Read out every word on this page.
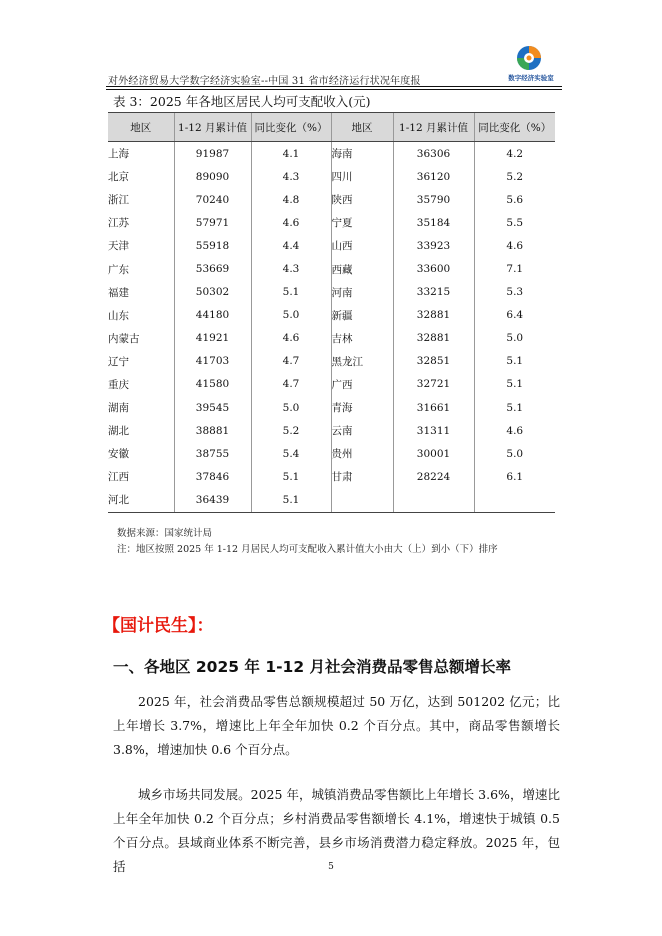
对外经济贸易大学数字经济实验室--中国 31 省市经济运行状况年度报	数字经济实验室
表 3：2025 年各地区居民人均可支配收入(元)
地区	1-12 月累计值	同比变化（%）	地区	1-12 月累计值	同比变化（%）
上海	91987	4.1	海南	36306	4.2
北京	89090	4.3	四川	36120	5.2
浙江	70240	4.8	陕西	35790	5.6
江苏	57971	4.6	宁夏	35184	5.5
天津	55918	4.4	山西	33923	4.6
广东	53669	4.3	西藏	33600	7.1
福建	50302	5.1	河南	33215	5.3
山东	44180	5.0	新疆	32881	6.4
内蒙古	41921	4.6	吉林	32881	5.0
辽宁	41703	4.7	黑龙江	32851	5.1
重庆	41580	4.7	广西	32721	5.1
湖南	39545	5.0	青海	31661	5.1
湖北	38881	5.2	云南	31311	4.6
安徽	38755	5.4	贵州	30001	5.0
江西	37846	5.1	甘肃	28224	6.1
河北	36439	5.1			
数据来源：国家统计局
注：地区按照 2025 年 1-12 月居民人均可支配收入累计值大小由大（上）到小（下）排序
【国计民生】：
一、各地区 2025 年 1-12 月社会消费品零售总额增长率
2025 年，社会消费品零售总额规模超过 50 万亿，达到 501202 亿元；比上年增长 3.7%，增速比上年全年加快 0.2 个百分点。其中，商品零售额增长 3.8%，增速加快 0.6 个百分点。
城乡市场共同发展。2025 年，城镇消费品零售额比上年增长 3.6%，增速比上年全年加快 0.2 个百分点；乡村消费品零售额增长 4.1%，增速快于城镇 0.5 个百分点。县域商业体系不断完善，县乡市场消费潜力稳定释放。2025 年，包括	5
